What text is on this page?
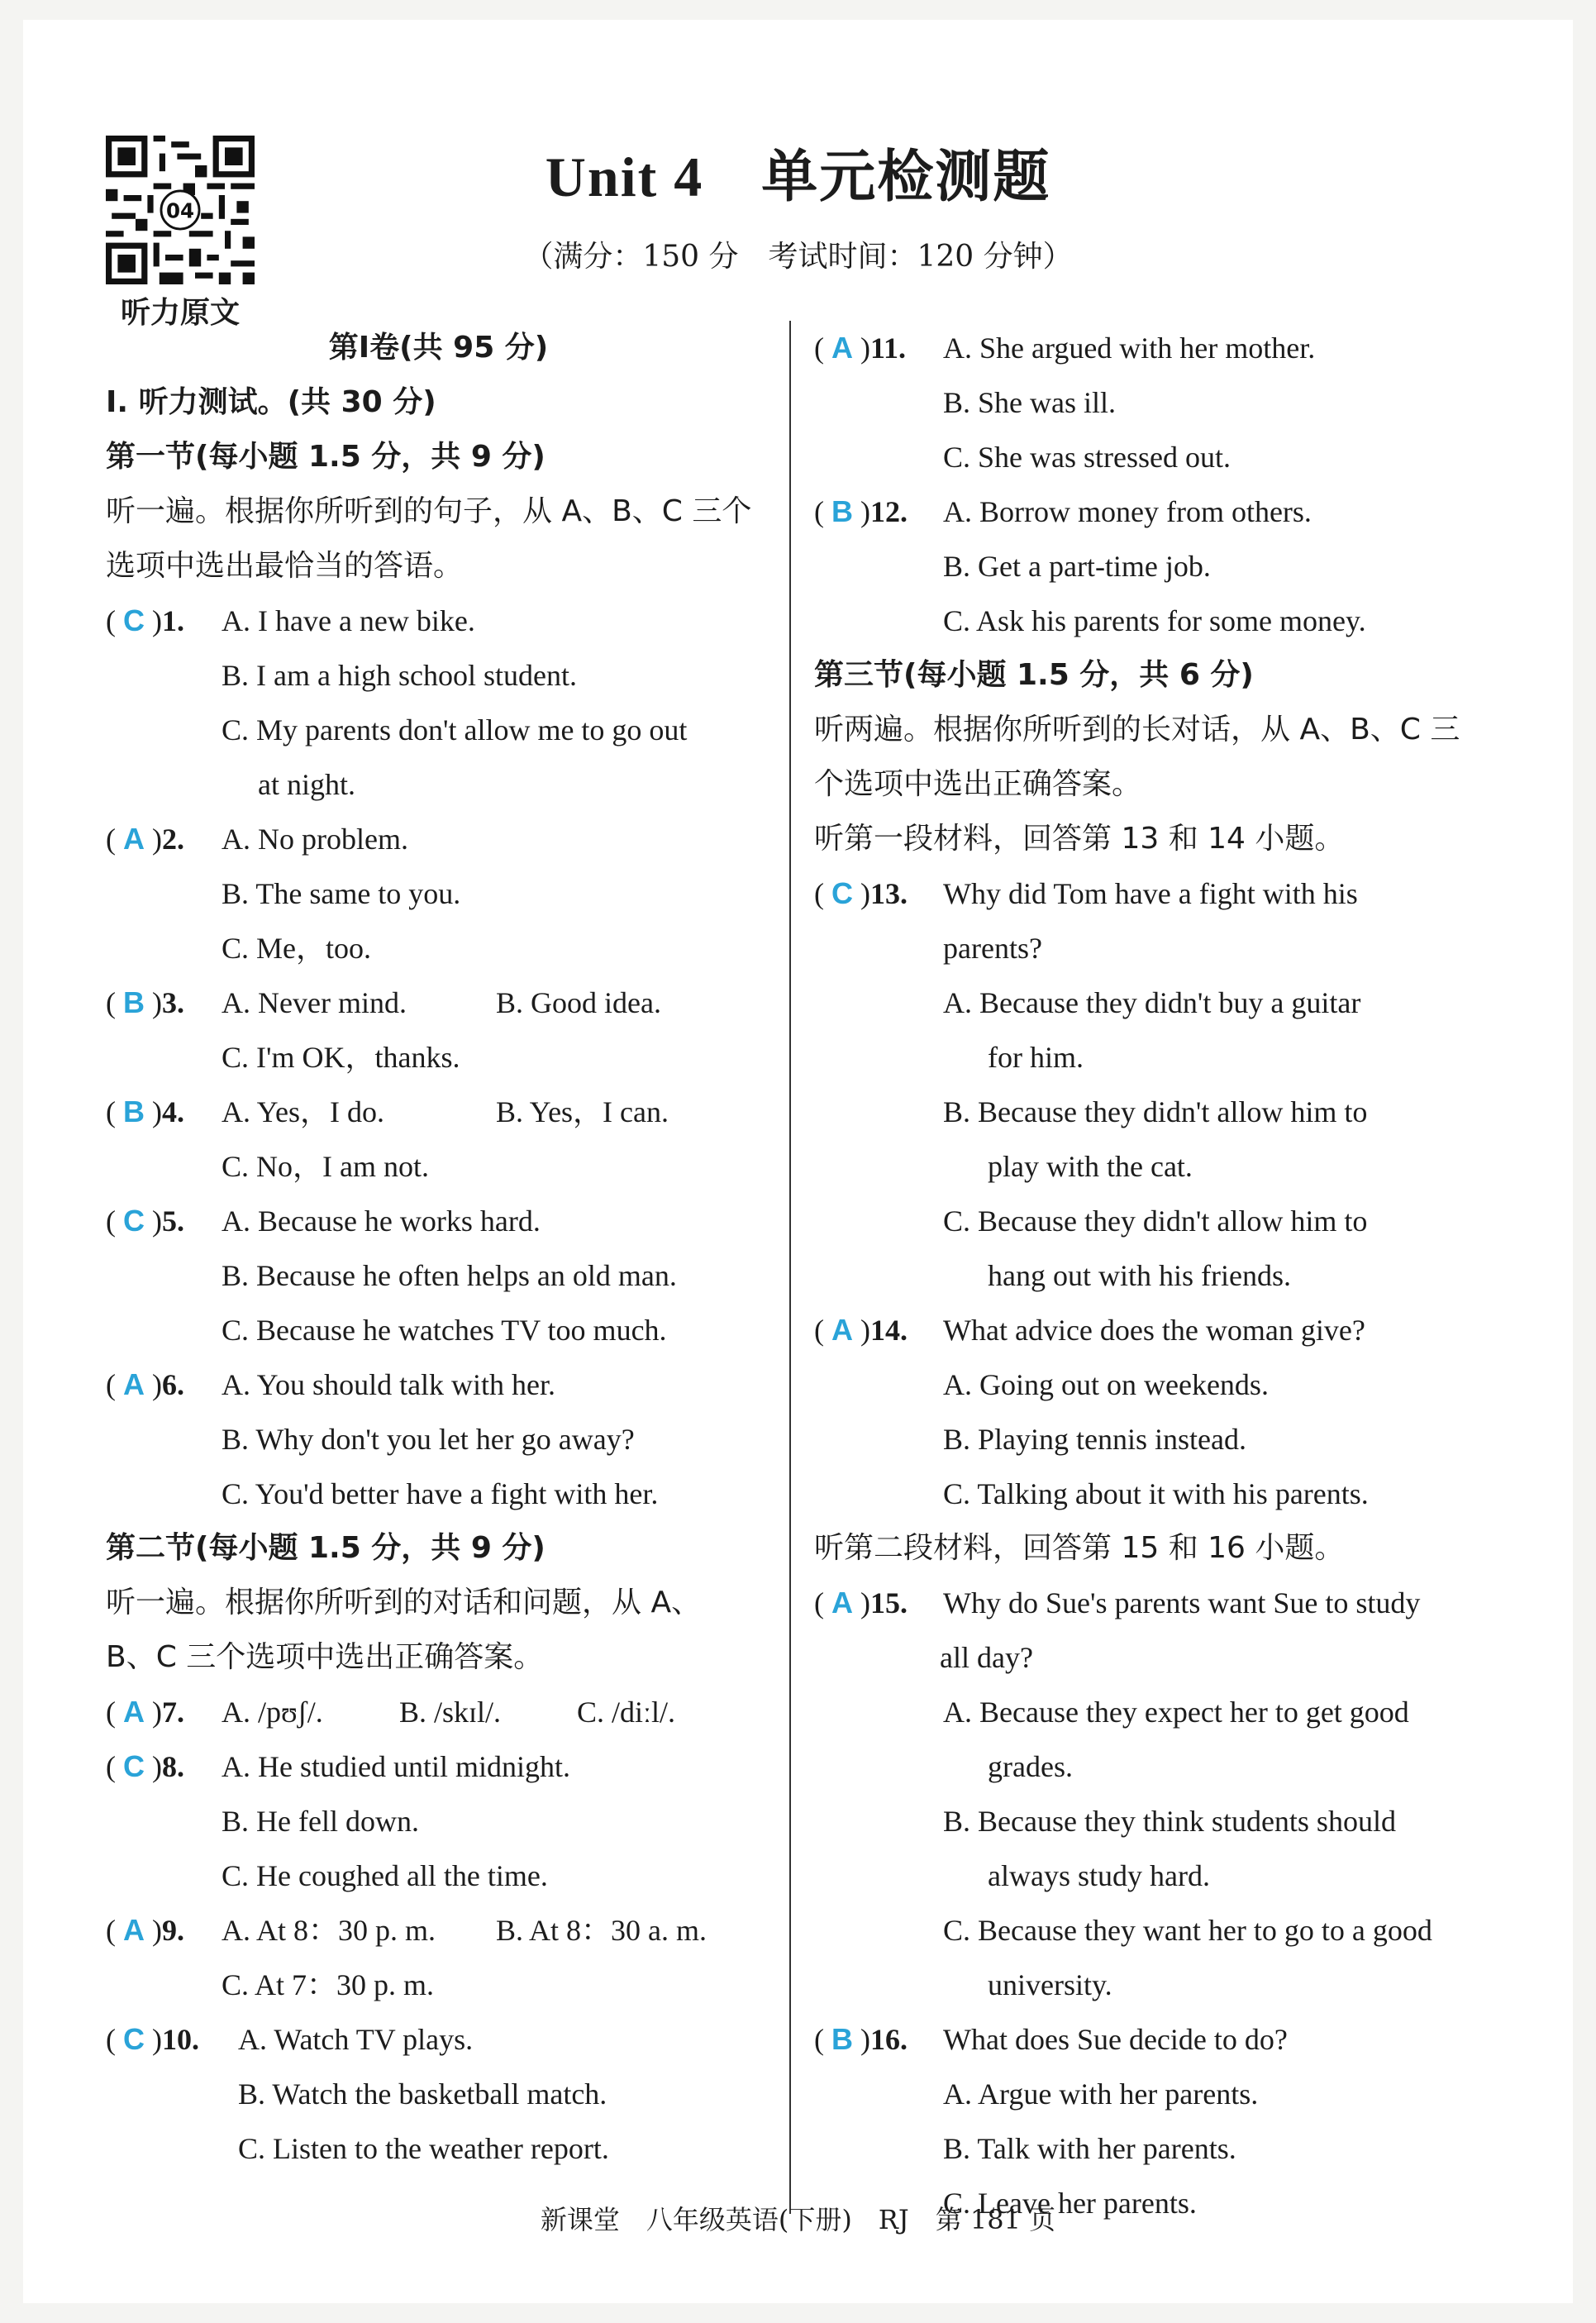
04
听力原文
Unit 4　单元检测题
（满分：150 分　考试时间：120 分钟）
第Ⅰ卷(共 95 分)
Ⅰ. 听力测试。(共 30 分)
第一节(每小题 1.5 分，共 9 分)
听一遍。根据你所听到的句子，从 A、B、C 三个
选项中选出最恰当的答语。
( C )1. A. I have a new bike.
B. I am a high school student.
C. My parents don't allow me to go out
at night.
( A )2. A. No problem.
B. The same to you.
C. Me，too.
( B )3. A. Never mind.	B. Good idea.
C. I'm OK，thanks.
( B )4. A. Yes，I do.	B. Yes，I can.
C. No，I am not.
( C )5. A. Because he works hard.
B. Because he often helps an old man.
C. Because he watches TV too much.
( A )6. A. You should talk with her.
B. Why don't you let her go away?
C. You'd better have a fight with her.
第二节(每小题 1.5 分，共 9 分)
听一遍。根据你所听到的对话和问题，从 A、
B、C 三个选项中选出正确答案。
( A )7. A. /pʊʃ/.	B. /skɪl/.	C. /diːl/.
( C )8. A. He studied until midnight.
B. He fell down.
C. He coughed all the time.
( A )9. A. At 8：30 p. m. B. At 8：30 a. m.
C. At 7：30 p. m.
( C )10. A. Watch TV plays.
B. Watch the basketball match.
C. Listen to the weather report.
( A )11. A. She argued with her mother.
B. She was ill.
C. She was stressed out.
( B )12. A. Borrow money from others.
B. Get a part-time job.
C. Ask his parents for some money.
第三节(每小题 1.5 分，共 6 分)
听两遍。根据你所听到的长对话，从 A、B、C 三
个选项中选出正确答案。
听第一段材料，回答第 13 和 14 小题。
( C )13. Why did Tom have a fight with his
parents?
A. Because they didn't buy a guitar
for him.
B. Because they didn't allow him to
play with the cat.
C. Because they didn't allow him to
hang out with his friends.
( A )14. What advice does the woman give?
A. Going out on weekends.
B. Playing tennis instead.
C. Talking about it with his parents.
听第二段材料，回答第 15 和 16 小题。
( A )15. Why do Sue's parents want Sue to study
all day?
A. Because they expect her to get good
grades.
B. Because they think students should
always study hard.
C. Because they want her to go to a good
university.
( B )16. What does Sue decide to do?
A. Argue with her parents.
B. Talk with her parents.
C. Leave her parents.
新课堂　八年级英语(下册)　RJ　第 181 页
